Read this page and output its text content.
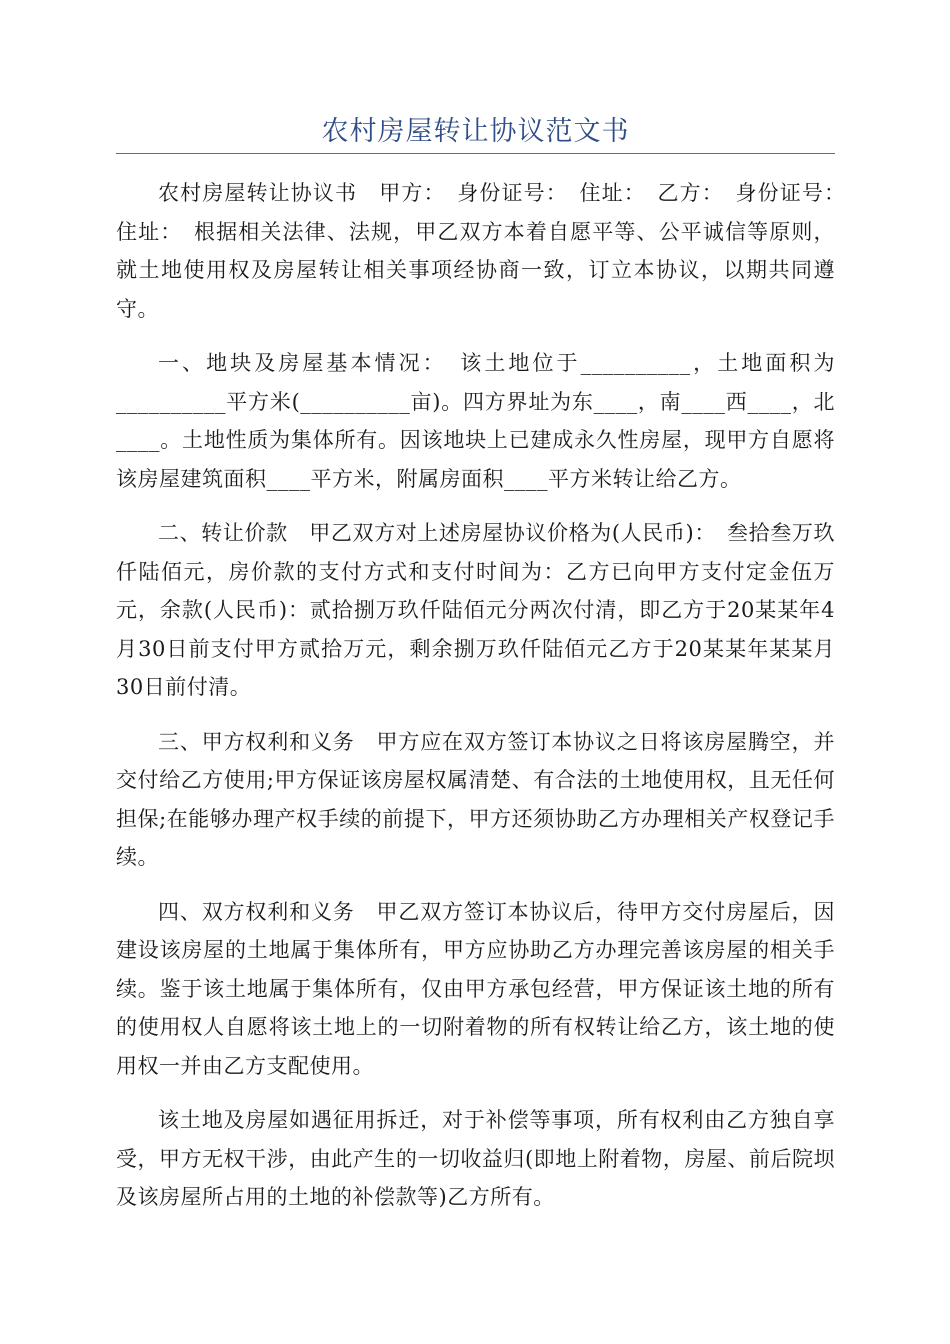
农村房屋转让协议范文书

农村房屋转让协议书　甲方：　身份证号：　住址：　乙方：　身份证号：　住址：　根据相关法律、法规，甲乙双方本着自愿平等、公平诚信等原则，就土地使用权及房屋转让相关事项经协商一致，订立本协议，以期共同遵守。

一、地块及房屋基本情况：　该土地位于__________，土地面积为__________平方米(__________亩)。四方界址为东____，南____西____，北____。土地性质为集体所有。因该地块上已建成永久性房屋，现甲方自愿将该房屋建筑面积____平方米，附属房面积____平方米转让给乙方。

二、转让价款　甲乙双方对上述房屋协议价格为(人民币)：　叁拾叁万玖仟陆佰元，房价款的支付方式和支付时间为：乙方已向甲方支付定金伍万元，余款(人民币)：贰拾捌万玖仟陆佰元分两次付清，即乙方于20某某年4月30日前支付甲方贰拾万元，剩余捌万玖仟陆佰元乙方于20某某年某某月30日前付清。

三、甲方权利和义务　甲方应在双方签订本协议之日将该房屋腾空，并交付给乙方使用;甲方保证该房屋权属清楚、有合法的土地使用权，且无任何担保;在能够办理产权手续的前提下，甲方还须协助乙方办理相关产权登记手续。

四、双方权利和义务　甲乙双方签订本协议后，待甲方交付房屋后，因建设该房屋的土地属于集体所有，甲方应协助乙方办理完善该房屋的相关手续。鉴于该土地属于集体所有，仅由甲方承包经营，甲方保证该土地的所有的使用权人自愿将该土地上的一切附着物的所有权转让给乙方，该土地的使用权一并由乙方支配使用。

该土地及房屋如遇征用拆迁，对于补偿等事项，所有权利由乙方独自享受，甲方无权干涉，由此产生的一切收益归(即地上附着物，房屋、前后院坝及该房屋所占用的土地的补偿款等)乙方所有。
